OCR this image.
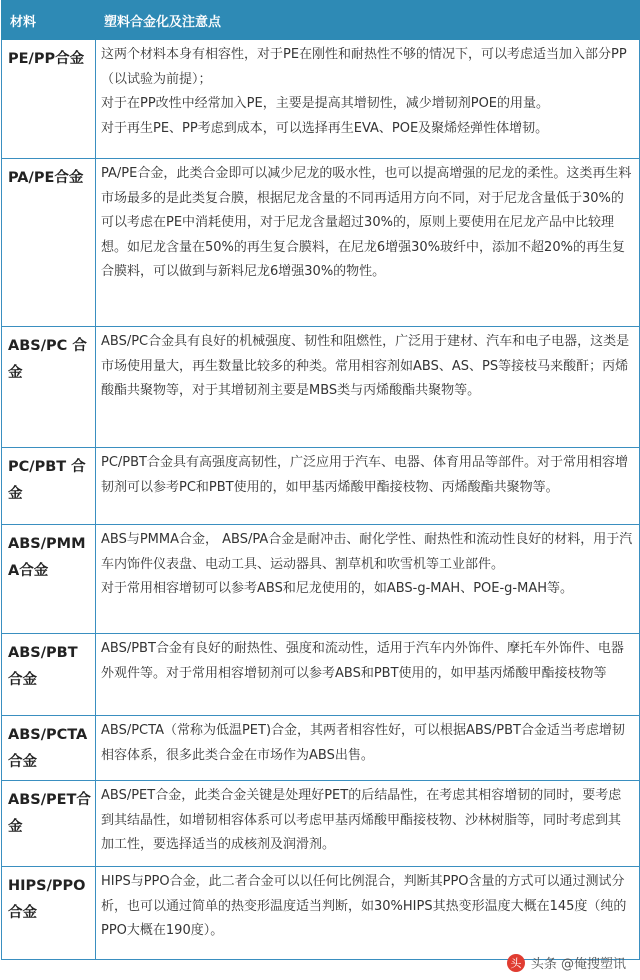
材料	塑料合金化及注意点
PE/PP合金	这两个材料本身有相容性，对于PE在刚性和耐热性不够的情况下，可以考虑适当加入部分PP（以试验为前提）；
对于在PP改性中经常加入PE，主要是提高其增韧性，减少增韧剂POE的用量。
对于再生PE、PP考虑到成本，可以选择再生EVA、POE及聚烯烃弹性体增韧。

PA/PE合金	PA/PE合金，此类合金即可以减少尼龙的吸水性，也可以提高增强的尼龙的柔性。这类再生料市场最多的是此类复合膜，根据尼龙含量的不同再适用方向不同，对于尼龙含量低于30%的可以考虑在PE中消耗使用，对于尼龙含量超过30%的，原则上要使用在尼龙产品中比较理想。如尼龙含量在50%的再生复合膜料，在尼龙6增强30%玻纤中，添加不超20%的再生复合膜料，可以做到与新料尼龙6增强30%的物性。

ABS/PC 合金	ABS/PC合金具有良好的机械强度、韧性和阻燃性，广泛用于建材、汽车和电子电器，这类是市场使用量大，再生数量比较多的种类。常用相容剂如ABS、AS、PS等接枝马来酸酐；丙烯酸酯共聚物等，对于其增韧剂主要是MBS类与丙烯酸酯共聚物等。

PC/PBT 合金	PC/PBT合金具有高强度高韧性，广泛应用于汽车、电器、体育用品等部件。对于常用相容增韧剂可以参考PC和PBT使用的，如甲基丙烯酸甲酯接枝物、丙烯酸酯共聚物等。

ABS/PMMA合金	ABS与PMMA合金， ABS/PA合金是耐冲击、耐化学性、耐热性和流动性良好的材料，用于汽车内饰件仪表盘、电动工具、运动器具、割草机和吹雪机等工业部件。
对于常用相容增韧可以参考ABS和尼龙使用的，如ABS-g-MAH、POE-g-MAH等。

ABS/PBT合金	ABS/PBT合金有良好的耐热性、强度和流动性，适用于汽车内外饰件、摩托车外饰件、电器外观件等。对于常用相容增韧剂可以参考ABS和PBT使用的，如甲基丙烯酸甲酯接枝物等

ABS/PCTA合金	ABS/PCTA（常称为低温PET)合金，其两者相容性好，可以根据ABS/PBT合金适当考虑增韧相容体系，很多此类合金在市场作为ABS出售。

ABS/PET合金	ABS/PET合金，此类合金关键是处理好PET的后结晶性，在考虑其相容增韧的同时，要考虑到其结晶性，如增韧相容体系可以考虑甲基丙烯酸甲酯接枝物、沙林树脂等，同时考虑到其加工性，要选择适当的成核剂及润滑剂。

HIPS/PPO合金	HIPS与PPO合金，此二者合金可以以任何比例混合，判断其PPO含量的方式可以通过测试分析，也可以通过简单的热变形温度适当判断，如30%HIPS其热变形温度大概在145度（纯的PPO大概在190度）。
头 头条 @俺搜塑讯
